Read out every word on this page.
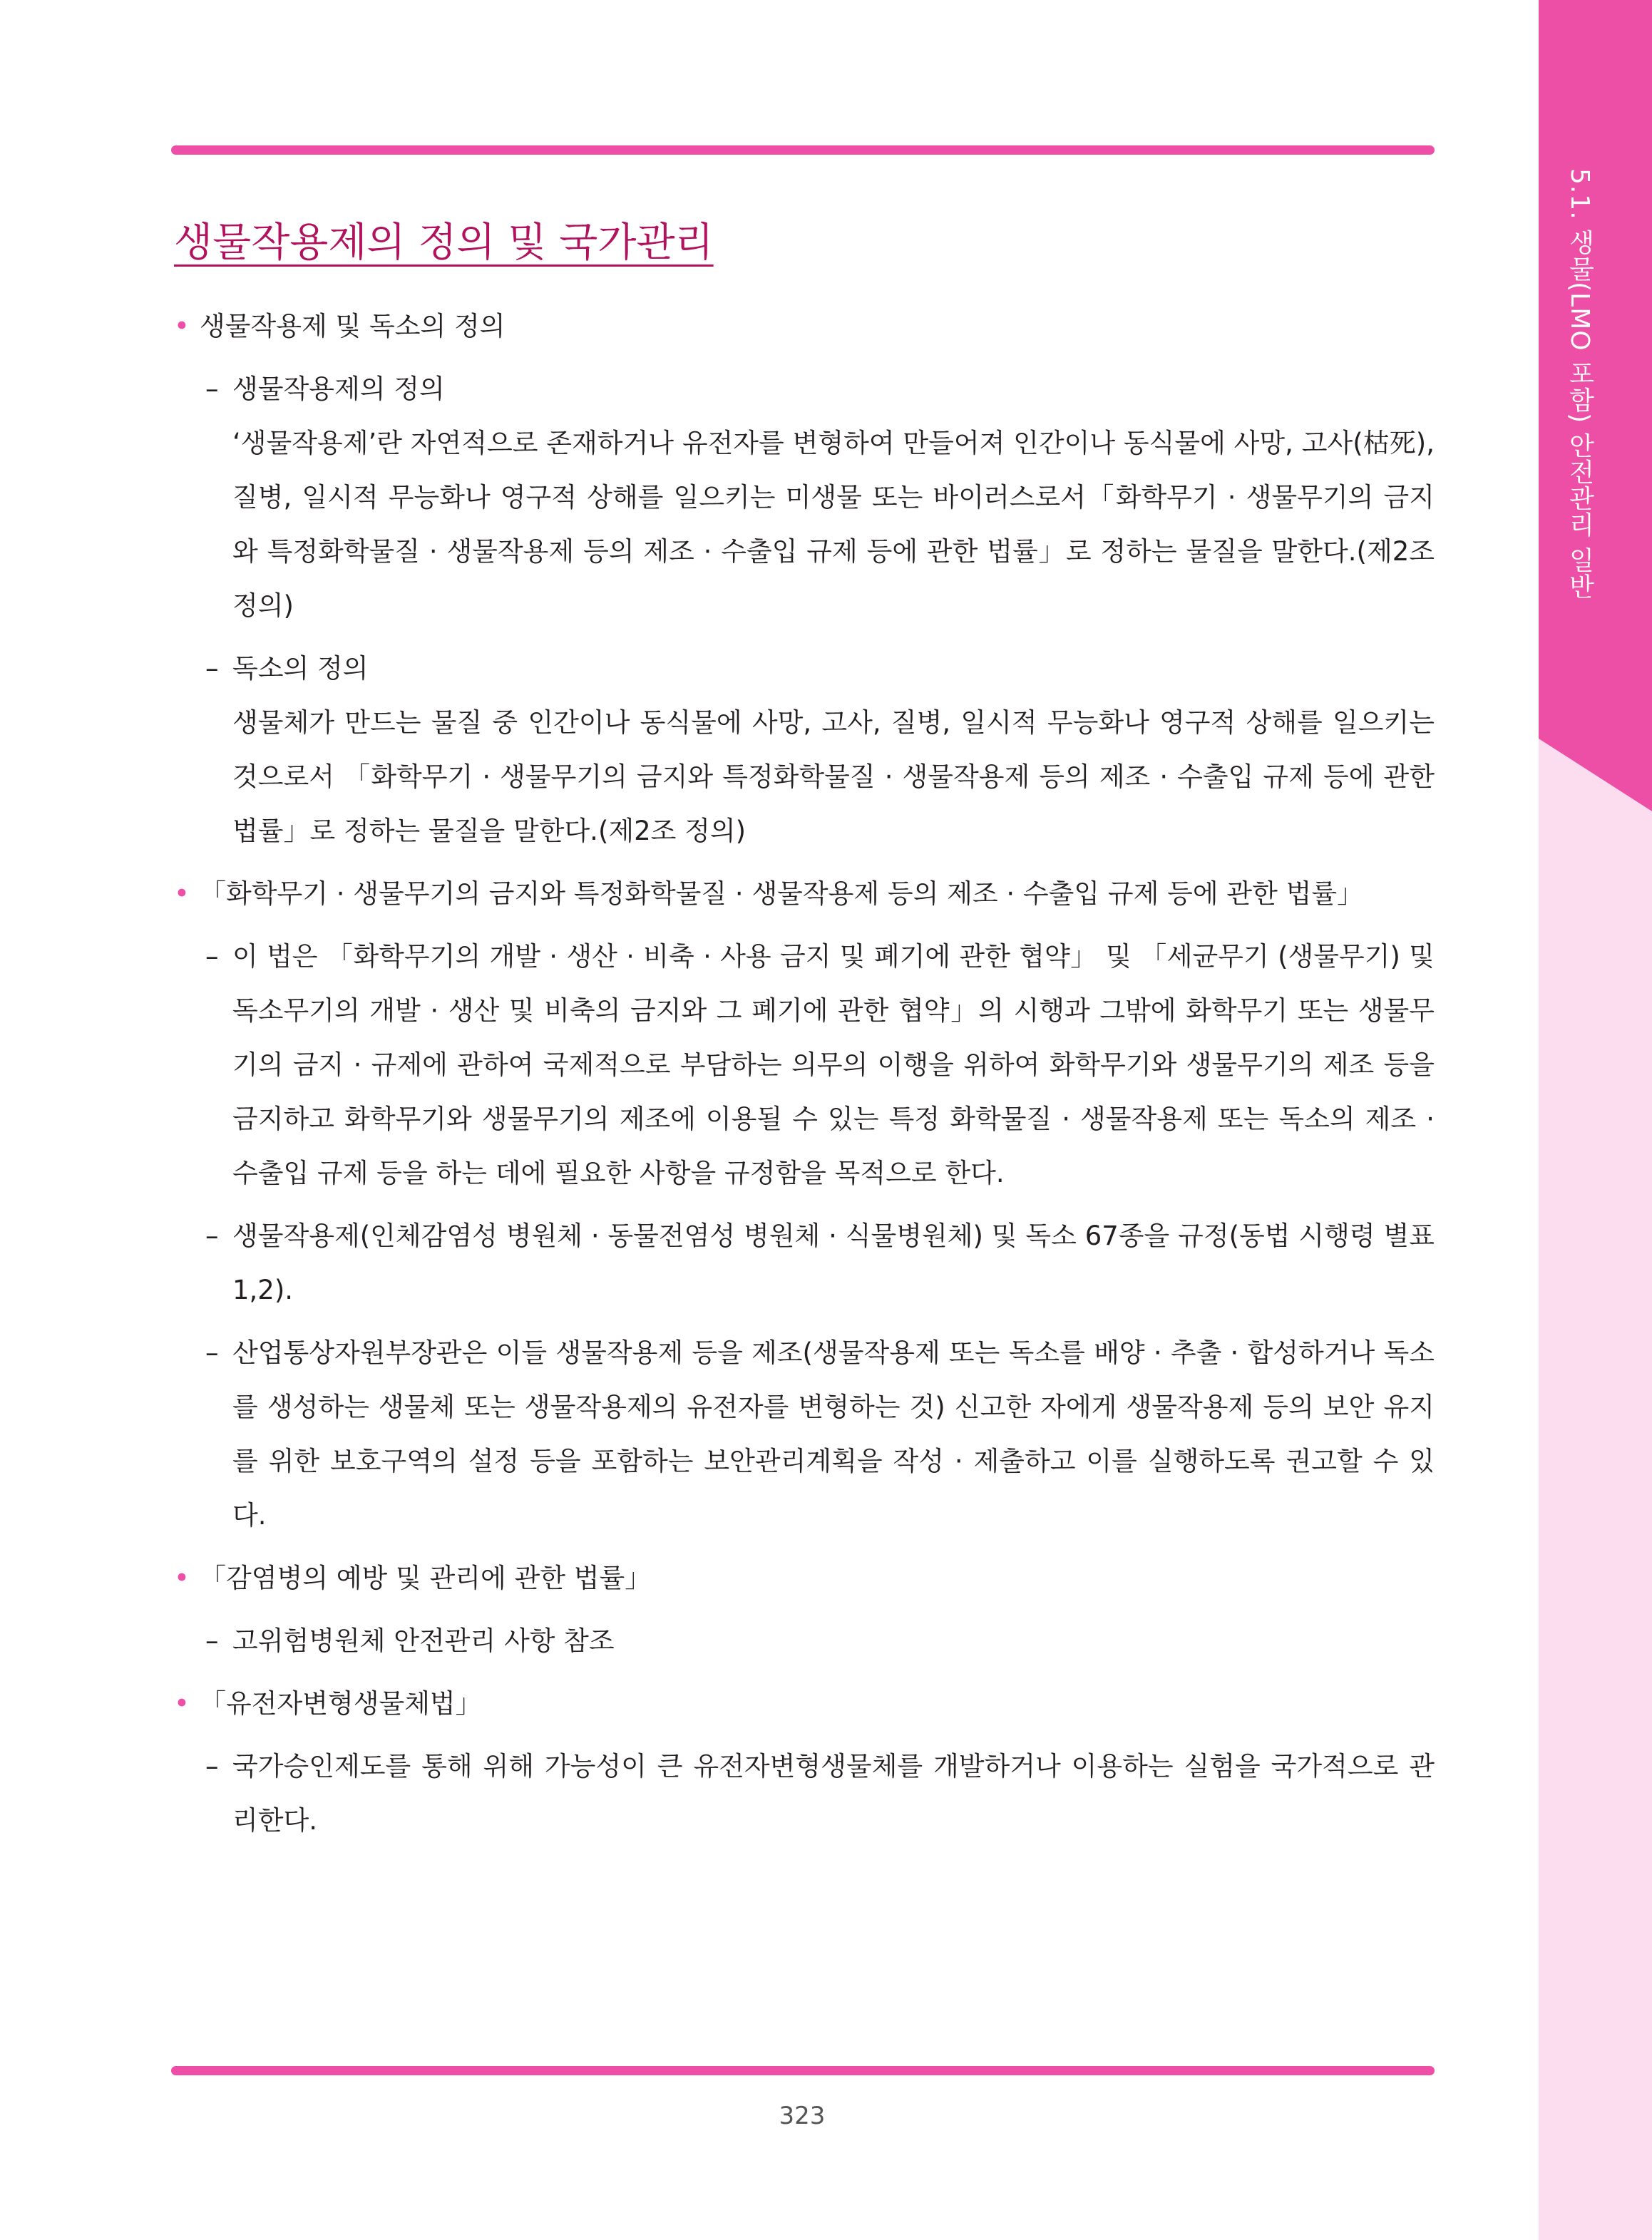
5.1. 생물(LMO 포함) 안전관리 일반
생물작용제의 정의 및 국가관리
• 생물작용제 및 독소의 정의
– 생물작용제의 정의
‘생물작용제’란 자연적으로 존재하거나 유전자를 변형하여 만들어져 인간이나 동식물에 사망, 고사(枯死), 질병, 일시적 무능화나 영구적 상해를 일으키는 미생물 또는 바이러스로서「화학무기 · 생물무기의 금지와 특정화학물질 · 생물작용제 등의 제조 · 수출입 규제 등에 관한 법률」로 정하는 물질을 말한다.(제2조 정의)
– 독소의 정의
생물체가 만드는 물질 중 인간이나 동식물에 사망, 고사, 질병, 일시적 무능화나 영구적 상해를 일으키는 것으로서 「화학무기 · 생물무기의 금지와 특정화학물질 · 생물작용제 등의 제조 · 수출입 규제 등에 관한 법률」로 정하는 물질을 말한다.(제2조 정의)
• 「화학무기 · 생물무기의 금지와 특정화학물질 · 생물작용제 등의 제조 · 수출입 규제 등에 관한 법률」
– 이 법은 「화학무기의 개발 · 생산 · 비축 · 사용 금지 및 폐기에 관한 협약」 및 「세균무기 (생물무기) 및 독소무기의 개발 · 생산 및 비축의 금지와 그 폐기에 관한 협약」의 시행과 그밖에 화학무기 또는 생물무기의 금지 · 규제에 관하여 국제적으로 부담하는 의무의 이행을 위하여 화학무기와 생물무기의 제조 등을 금지하고 화학무기와 생물무기의 제조에 이용될 수 있는 특정 화학물질 · 생물작용제 또는 독소의 제조 · 수출입 규제 등을 하는 데에 필요한 사항을 규정함을 목적으로 한다.
– 생물작용제(인체감염성 병원체 · 동물전염성 병원체 · 식물병원체) 및 독소 67종을 규정(동법 시행령 별표 1,2).
– 산업통상자원부장관은 이들 생물작용제 등을 제조(생물작용제 또는 독소를 배양 · 추출 · 합성하거나 독소를 생성하는 생물체 또는 생물작용제의 유전자를 변형하는 것) 신고한 자에게 생물작용제 등의 보안 유지를 위한 보호구역의 설정 등을 포함하는 보안관리계획을 작성 · 제출하고 이를 실행하도록 권고할 수 있다.
• 「감염병의 예방 및 관리에 관한 법률」
– 고위험병원체 안전관리 사항 참조
• 「유전자변형생물체법」
– 국가승인제도를 통해 위해 가능성이 큰 유전자변형생물체를 개발하거나 이용하는 실험을 국가적으로 관리한다.
323
